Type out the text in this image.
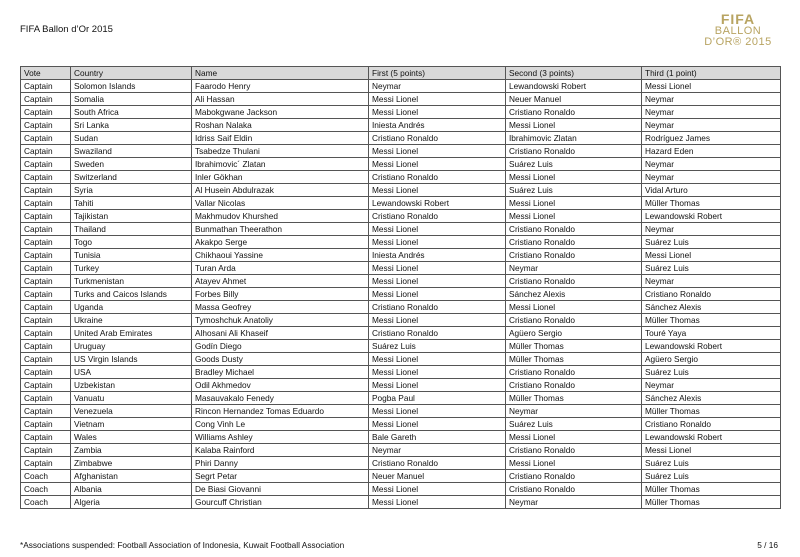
FIFA Ballon d’Or 2015
FIFA
BALLON
D’OR® 2015
Vote	Country	Name	First (5 points)	Second (3 points)	Third (1 point)
Captain	Solomon Islands	Faarodo Henry	Neymar	Lewandowski Robert	Messi Lionel
Captain	Somalia	Ali Hassan	Messi Lionel	Neuer Manuel	Neymar
Captain	South Africa	Mabokgwane Jackson	Messi Lionel	Cristiano Ronaldo	Neymar
Captain	Sri Lanka	Roshan Nalaka	Iniesta Andrés	Messi Lionel	Neymar
Captain	Sudan	Idriss Saif Eldin	Cristiano Ronaldo	Ibrahimovic Zlatan	Rodríguez James
Captain	Swaziland	Tsabedze Thulani	Messi Lionel	Cristiano Ronaldo	Hazard Eden
Captain	Sweden	Ibrahimovic´ Zlatan	Messi Lionel	Suárez Luis	Neymar
Captain	Switzerland	Inler Gökhan	Cristiano Ronaldo	Messi Lionel	Neymar
Captain	Syria	Al Husein Abdulrazak	Messi Lionel	Suárez Luis	Vidal Arturo
Captain	Tahiti	Vallar Nicolas	Lewandowski Robert	Messi Lionel	Müller Thomas
Captain	Tajikistan	Makhmudov Khurshed	Cristiano Ronaldo	Messi Lionel	Lewandowski Robert
Captain	Thailand	Bunmathan Theerathon	Messi Lionel	Cristiano Ronaldo	Neymar
Captain	Togo	Akakpo Serge	Messi Lionel	Cristiano Ronaldo	Suárez Luis
Captain	Tunisia	Chikhaoui Yassine	Iniesta Andrés	Cristiano Ronaldo	Messi Lionel
Captain	Turkey	Turan Arda	Messi Lionel	Neymar	Suárez Luis
Captain	Turkmenistan	Atayev Ahmet	Messi Lionel	Cristiano Ronaldo	Neymar
Captain	Turks and Caicos Islands	Forbes Billy	Messi Lionel	Sánchez Alexis	Cristiano Ronaldo
Captain	Uganda	Massa Geofrey	Cristiano Ronaldo	Messi Lionel	Sánchez Alexis
Captain	Ukraine	Tymoshchuk Anatoliy	Messi Lionel	Cristiano Ronaldo	Müller Thomas
Captain	United Arab Emirates	Alhosani Ali Khaseif	Cristiano Ronaldo	Agüero Sergio	Touré Yaya
Captain	Uruguay	Godín Diego	Suárez Luis	Müller Thomas	Lewandowski Robert
Captain	US Virgin Islands	Goods Dusty	Messi Lionel	Müller Thomas	Agüero Sergio
Captain	USA	Bradley Michael	Messi Lionel	Cristiano Ronaldo	Suárez Luis
Captain	Uzbekistan	Odil Akhmedov	Messi Lionel	Cristiano Ronaldo	Neymar
Captain	Vanuatu	Masauvakalo Fenedy	Pogba Paul	Müller Thomas	Sánchez Alexis
Captain	Venezuela	Rincon Hernandez Tomas Eduardo	Messi Lionel	Neymar	Müller Thomas
Captain	Vietnam	Cong Vinh Le	Messi Lionel	Suárez Luis	Cristiano Ronaldo
Captain	Wales	Williams Ashley	Bale Gareth	Messi Lionel	Lewandowski Robert
Captain	Zambia	Kalaba Rainford	Neymar	Cristiano Ronaldo	Messi Lionel
Captain	Zimbabwe	Phiri Danny	Cristiano Ronaldo	Messi Lionel	Suárez Luis
Coach	Afghanistan	Segrt Petar	Neuer Manuel	Cristiano Ronaldo	Suárez Luis
Coach	Albania	De Biasi Giovanni	Messi Lionel	Cristiano Ronaldo	Müller Thomas
Coach	Algeria	Gourcuff Christian	Messi Lionel	Neymar	Müller Thomas
*Associations suspended: Football Association of Indonesia, Kuwait Football Association	5 / 16
